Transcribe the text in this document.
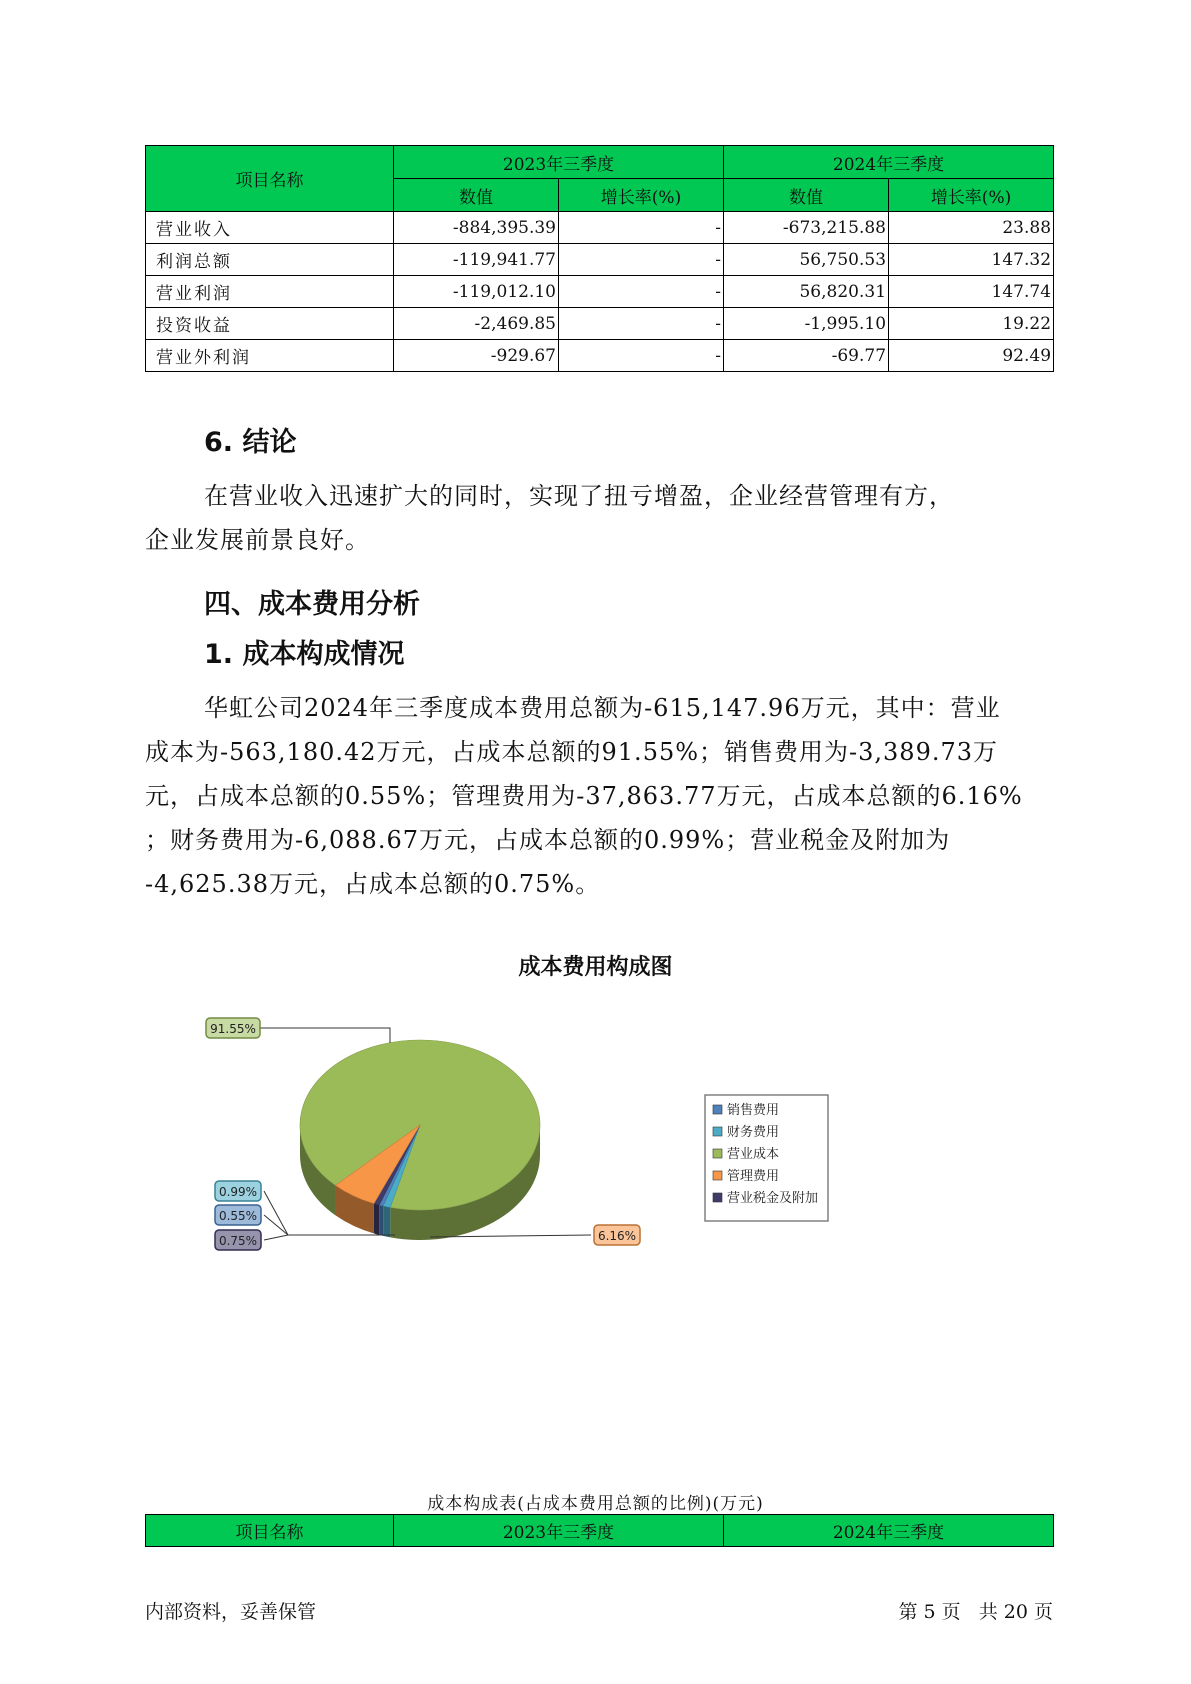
项目名称	2023年三季度		2024年三季度	
	数值	增长率(%)	数值	增长率(%)
营业收入	-884,395.39	-	-673,215.88	23.88
利润总额	-119,941.77	-	56,750.53	147.32
营业利润	-119,012.10	-	56,820.31	147.74
投资收益	-2,469.85	-	-1,995.10	19.22
营业外利润	-929.67	-	-69.77	92.49
6. 结论
在营业收入迅速扩大的同时，实现了扭亏增盈，企业经营管理有方，
企业发展前景良好。
四、成本费用分析
1. 成本构成情况
华虹公司2024年三季度成本费用总额为-615,147.96万元，其中：营业
成本为-563,180.42万元，占成本总额的91.55%；销售费用为-3,389.73万
元，占成本总额的0.55%；管理费用为-37,863.77万元，占成本总额的6.16%
；财务费用为-6,088.67万元，占成本总额的0.99%；营业税金及附加为
-4,625.38万元，占成本总额的0.75%。
成本费用构成图
91.55%
0.99%
0.55%
0.75%	6.16%
销售费用
财务费用
营业成本
管理费用
营业税金及附加
成本构成表(占成本费用总额的比例)(万元)
项目名称	2023年三季度	2024年三季度
内部资料，妥善保管	第 5 页   共 20 页
